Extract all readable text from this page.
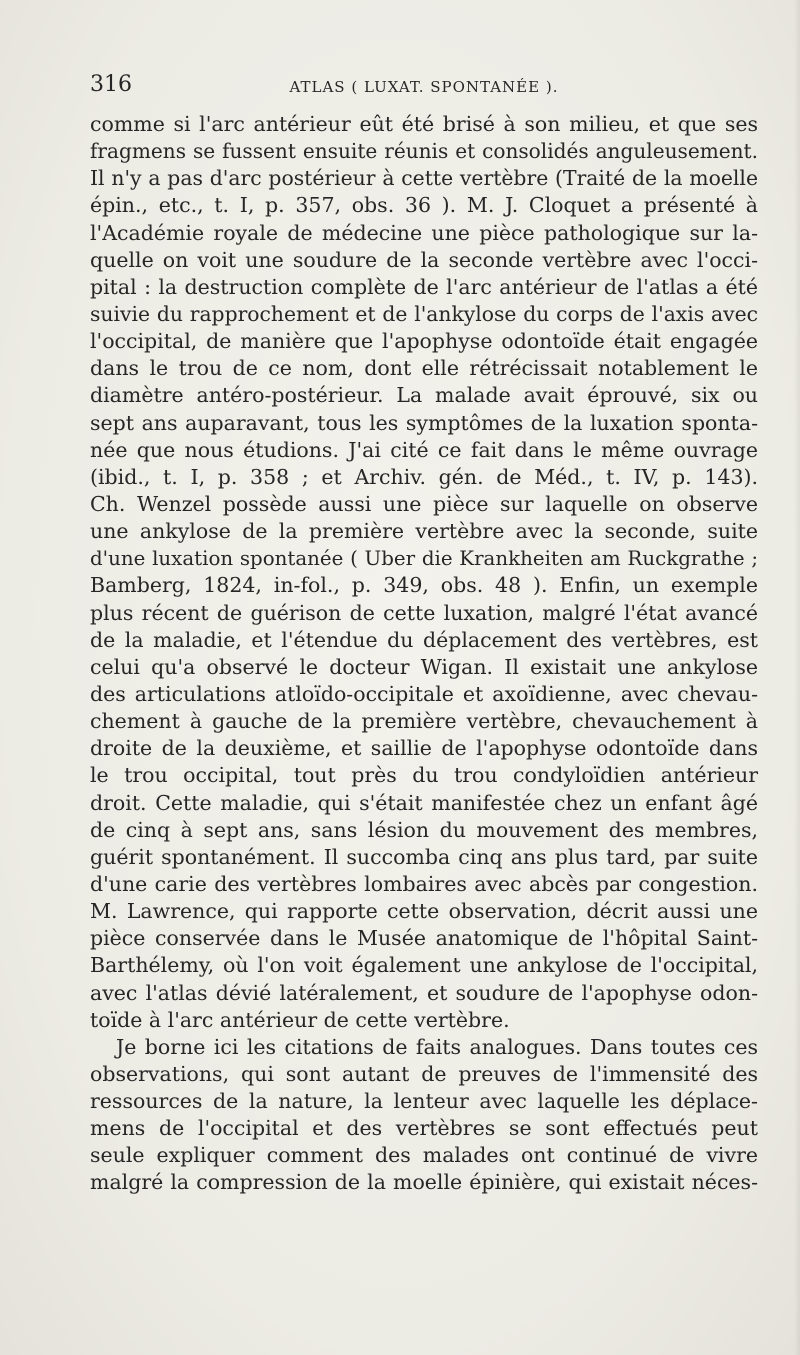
316	ATLAS ( LUXAT. SPONTANÉE ).
comme si l'arc antérieur eût été brisé à son milieu, et que ses
fragmens se fussent ensuite réunis et consolidés anguleusement.
Il n'y a pas d'arc postérieur à cette vertèbre (Traité de la moelle
épin., etc., t. I, p. 357, obs. 36 ). M. J. Cloquet a présenté à
l'Académie royale de médecine une pièce pathologique sur la-
quelle on voit une soudure de la seconde vertèbre avec l'occi-
pital : la destruction complète de l'arc antérieur de l'atlas a été
suivie du rapprochement et de l'ankylose du corps de l'axis avec
l'occipital, de manière que l'apophyse odontoïde était engagée
dans le trou de ce nom, dont elle rétrécissait notablement le
diamètre antéro-postérieur. La malade avait éprouvé, six ou
sept ans auparavant, tous les symptômes de la luxation sponta-
née que nous étudions. J'ai cité ce fait dans le même ouvrage
(ibid., t. I, p. 358 ; et Archiv. gén. de Méd., t. IV, p. 143).
Ch. Wenzel possède aussi une pièce sur laquelle on observe
une ankylose de la première vertèbre avec la seconde, suite
d'une luxation spontanée ( Uber die Krankheiten am Ruckgrathe ;
Bamberg, 1824, in-fol., p. 349, obs. 48 ). Enfin, un exemple
plus récent de guérison de cette luxation, malgré l'état avancé
de la maladie, et l'étendue du déplacement des vertèbres, est
celui qu'a observé le docteur Wigan. Il existait une ankylose
des articulations atloïdo-occipitale et axoïdienne, avec chevau-
chement à gauche de la première vertèbre, chevauchement à
droite de la deuxième, et saillie de l'apophyse odontoïde dans
le trou occipital, tout près du trou condyloïdien antérieur
droit. Cette maladie, qui s'était manifestée chez un enfant âgé
de cinq à sept ans, sans lésion du mouvement des membres,
guérit spontanément. Il succomba cinq ans plus tard, par suite
d'une carie des vertèbres lombaires avec abcès par congestion.
M. Lawrence, qui rapporte cette observation, décrit aussi une
pièce conservée dans le Musée anatomique de l'hôpital Saint-
Barthélemy, où l'on voit également une ankylose de l'occipital,
avec l'atlas dévié latéralement, et soudure de l'apophyse odon-
toïde à l'arc antérieur de cette vertèbre.
Je borne ici les citations de faits analogues. Dans toutes ces
observations, qui sont autant de preuves de l'immensité des
ressources de la nature, la lenteur avec laquelle les déplace-
mens de l'occipital et des vertèbres se sont effectués peut
seule expliquer comment des malades ont continué de vivre
malgré la compression de la moelle épinière, qui existait néces-
